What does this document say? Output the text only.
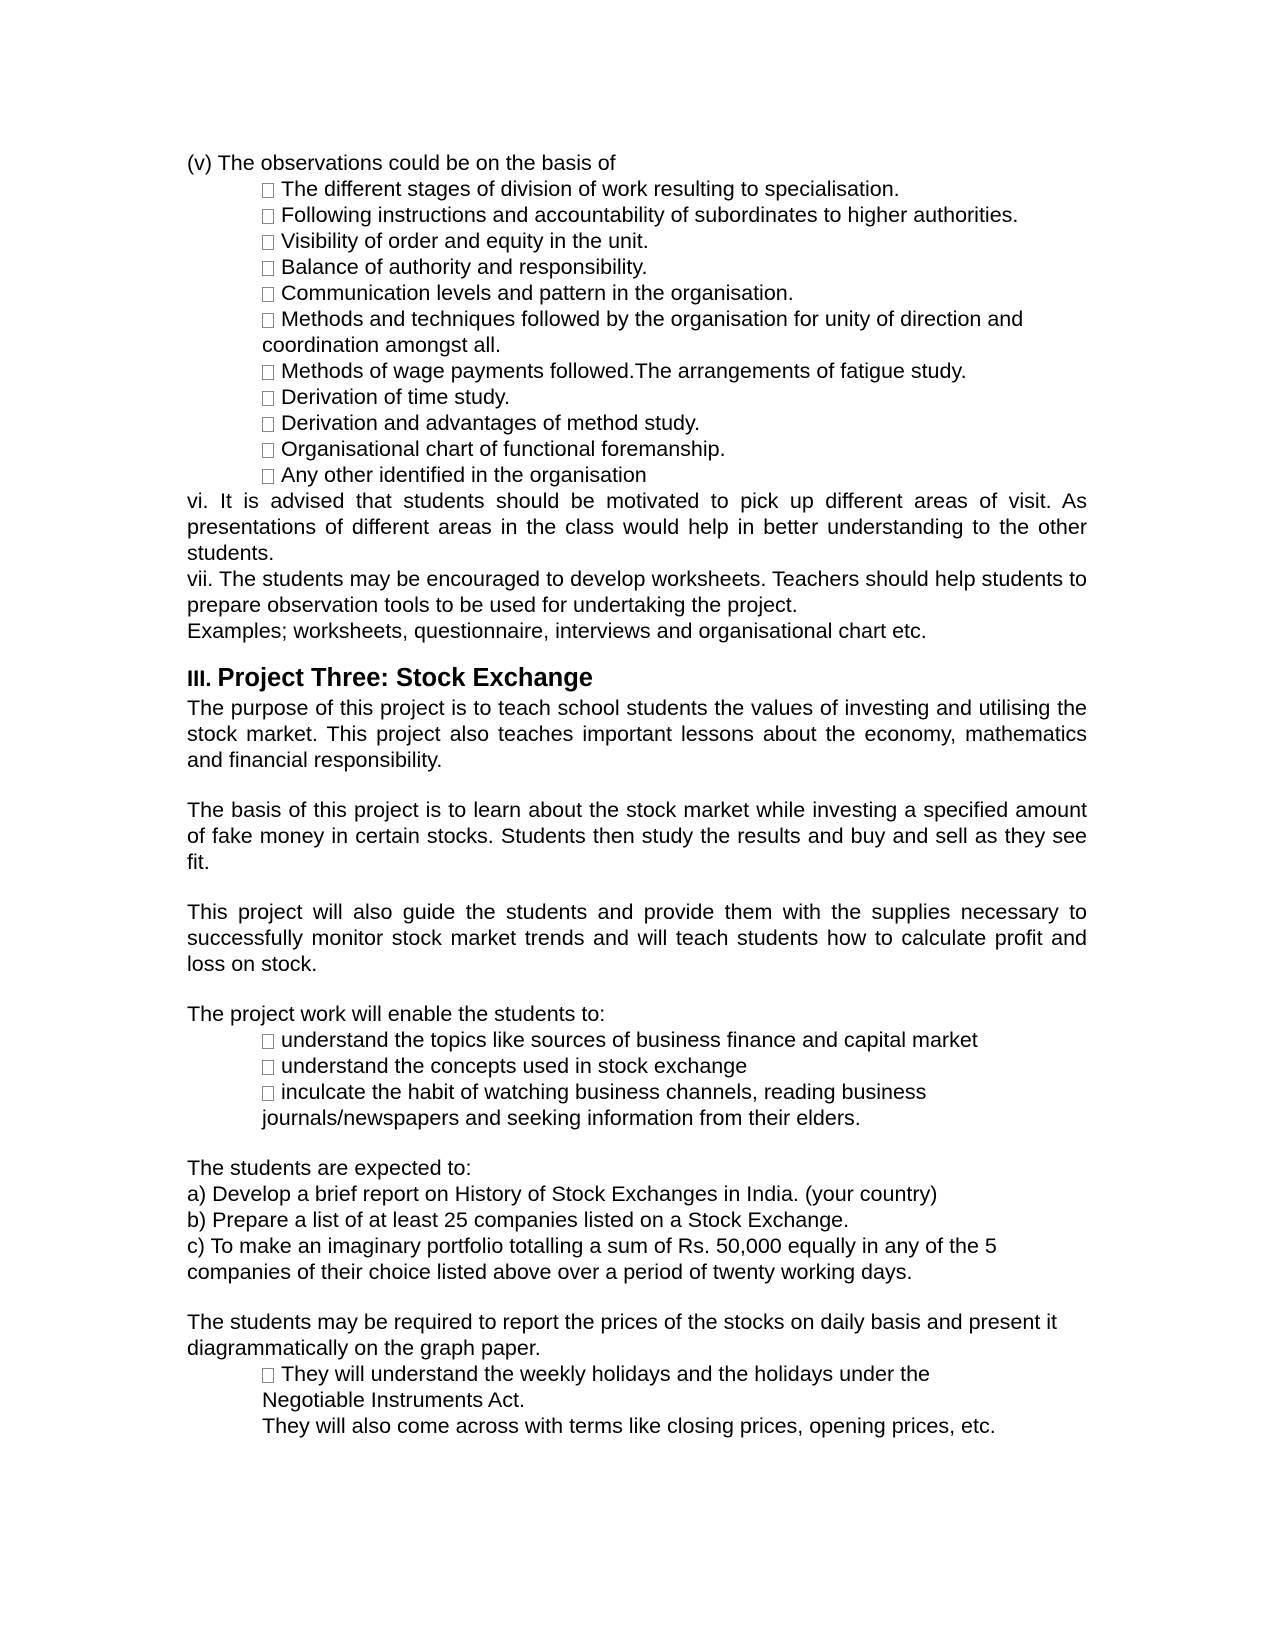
(v) The observations could be on the basis of

The different stages of division of work resulting to specialisation.

Following instructions and accountability of subordinates to higher authorities.

Visibility of order and equity in the unit.

Balance of authority and responsibility.

Communication levels and pattern in the organisation.

Methods and techniques followed by the organisation for unity of direction and coordination amongst all.

Methods of wage payments followed.The arrangements of fatigue study.

Derivation of time study.

Derivation and advantages of method study.

Organisational chart of functional foremanship.

Any other identified in the organisation

vi. It is advised that students should be motivated to pick up different areas of visit. As presentations of different areas in the class would help in better understanding to the other students.

vii. The students may be encouraged to develop worksheets. Teachers should help students to prepare observation tools to be used for undertaking the project.

Examples; worksheets, questionnaire, interviews and organisational chart etc.

III. Project Three: Stock Exchange

The purpose of this project is to teach school students the values of investing and utilising the stock market. This project also teaches important lessons about the economy, mathematics and financial responsibility.

The basis of this project is to learn about the stock market while investing a specified amount of fake money in certain stocks. Students then study the results and buy and sell as they see fit.

This project will also guide the students and provide them with the supplies necessary to successfully monitor stock market trends and will teach students how to calculate profit and loss on stock.

The project work will enable the students to:

understand the topics like sources of business finance and capital market

understand the concepts used in stock exchange

inculcate the habit of watching business channels, reading business journals/newspapers and seeking information from their elders.

The students are expected to:

a) Develop a brief report on History of Stock Exchanges in India. (your country)

b) Prepare a list of at least 25 companies listed on a Stock Exchange.

c) To make an imaginary portfolio totalling a sum of Rs. 50,000 equally in any of the 5 companies of their choice listed above over a period of twenty working days.

The students may be required to report the prices of the stocks on daily basis and present it diagrammatically on the graph paper.

They will understand the weekly holidays and the holidays under the Negotiable Instruments Act.

They will also come across with terms like closing prices, opening prices, etc.
